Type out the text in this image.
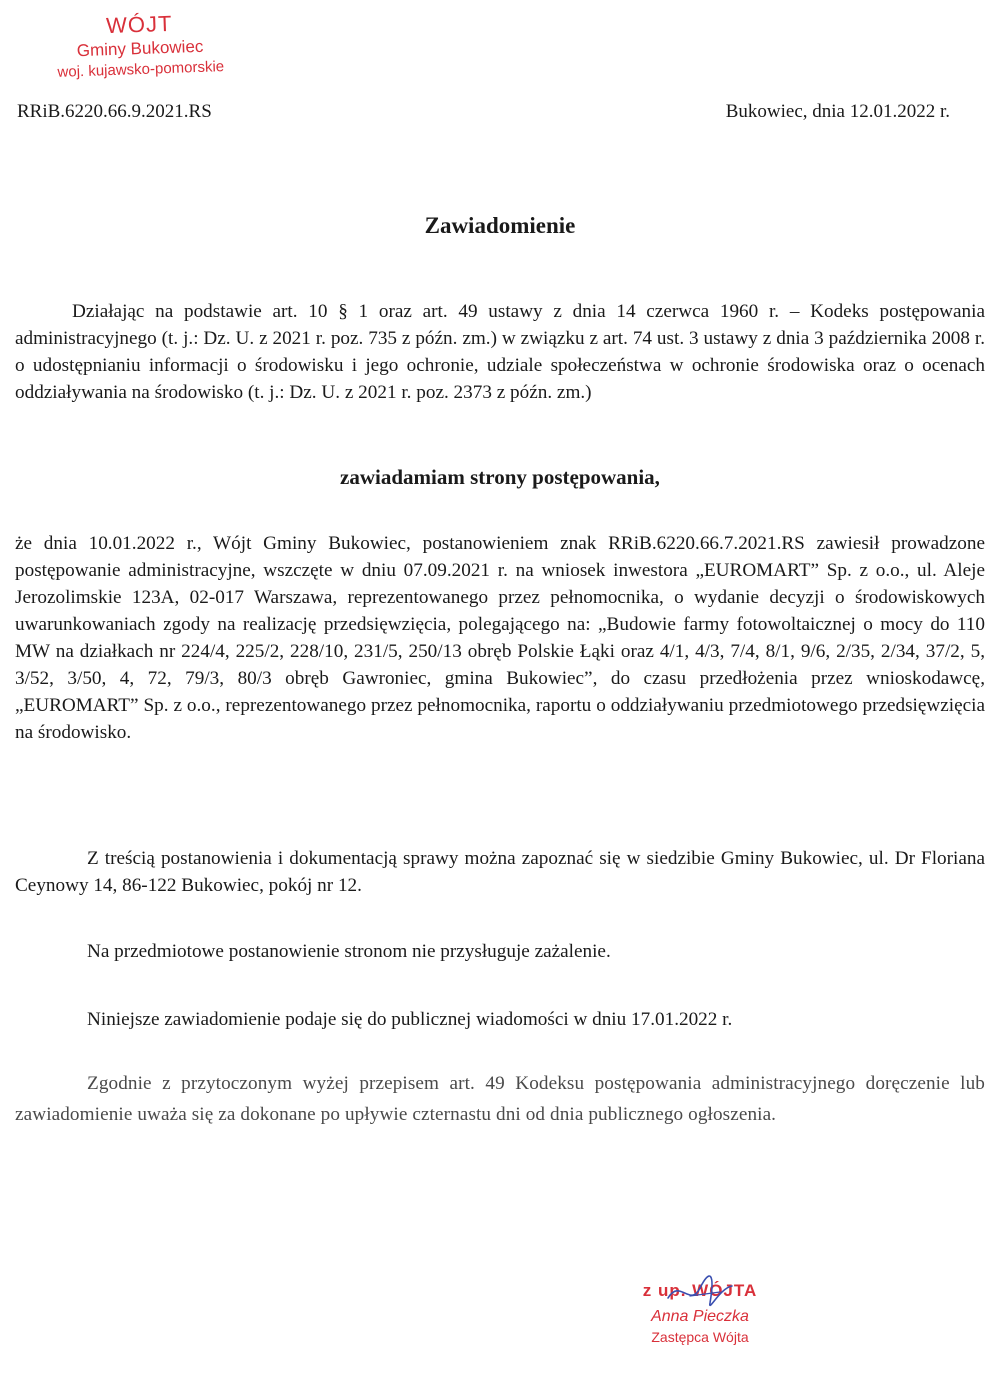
WÓJT
Gminy Bukowiec
woj. kujawsko-pomorskie
RRiB.6220.66.9.2021.RS	Bukowiec, dnia 12.01.2022 r.
Zawiadomienie

Działając na podstawie art. 10 § 1 oraz art. 49 ustawy z dnia 14 czerwca 1960 r. – Kodeks postępowania administracyjnego (t. j.: Dz. U. z 2021 r. poz. 735 z późn. zm.) w związku z art. 74 ust. 3 ustawy z dnia 3 października 2008 r. o udostępnianiu informacji o środowisku i jego ochronie, udziale społeczeństwa w ochronie środowiska oraz o ocenach oddziaływania na środowisko (t. j.: Dz. U. z 2021 r. poz. 2373 z późn. zm.)

zawiadamiam strony postępowania,

że dnia 10.01.2022 r., Wójt Gminy Bukowiec, postanowieniem znak RRiB.6220.66.7.2021.RS zawiesił prowadzone postępowanie administracyjne, wszczęte w dniu 07.09.2021 r. na wniosek inwestora „EUROMART” Sp. z o.o., ul. Aleje Jerozolimskie 123A, 02-017 Warszawa, reprezentowanego przez pełnomocnika, o wydanie decyzji o środowiskowych uwarunkowaniach zgody na realizację przedsięwzięcia, polegającego na: „Budowie farmy fotowoltaicznej o mocy do 110 MW na działkach nr 224/4, 225/2, 228/10, 231/5, 250/13 obręb Polskie Łąki oraz 4/1, 4/3, 7/4, 8/1, 9/6, 2/35, 2/34, 37/2, 5, 3/52, 3/50, 4, 72, 79/3, 80/3 obręb Gawroniec, gmina Bukowiec”, do czasu przedłożenia przez wnioskodawcę, „EUROMART” Sp. z o.o., reprezentowanego przez pełnomocnika, raportu o oddziaływaniu przedmiotowego przedsięwzięcia na środowisko.

Z treścią postanowienia i dokumentacją sprawy można zapoznać się w siedzibie Gminy Bukowiec, ul. Dr Floriana Ceynowy 14, 86-122 Bukowiec, pokój nr 12.

Na przedmiotowe postanowienie stronom nie przysługuje zażalenie.

Niniejsze zawiadomienie podaje się do publicznej wiadomości w dniu 17.01.2022 r.

Zgodnie z przytoczonym wyżej przepisem art. 49 Kodeksu postępowania administracyjnego doręczenie lub zawiadomienie uważa się za dokonane po upływie czternastu dni od dnia publicznego ogłoszenia.

z up. WÓJTA
Anna Pieczka
Zastępca Wójta
